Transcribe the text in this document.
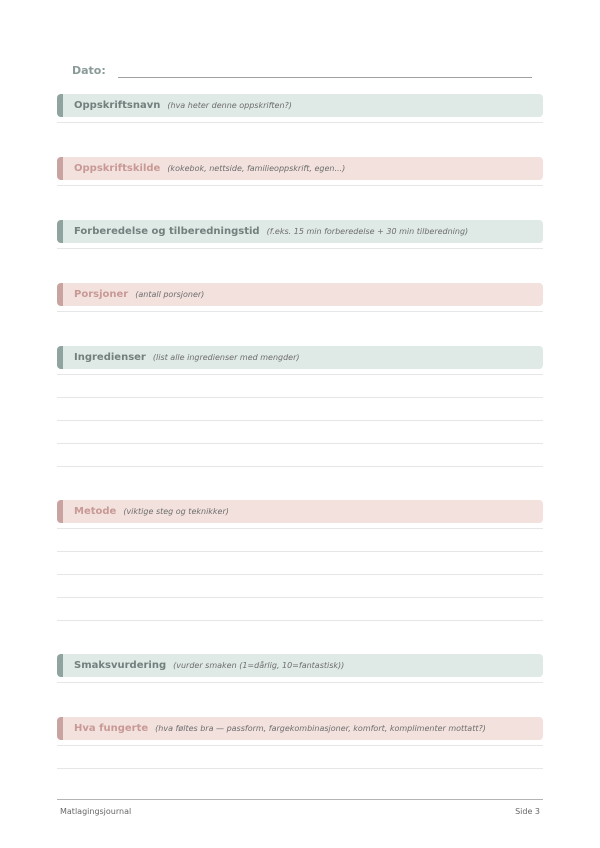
Dato:
Oppskriftsnavn (hva heter denne oppskriften?)
Oppskriftskilde (kokebok, nettside, familieoppskrift, egen...)
Forberedelse og tilberedningstid (f.eks. 15 min forberedelse + 30 min tilberedning)
Porsjoner (antall porsjoner)
Ingredienser (list alle ingredienser med mengder)
Metode (viktige steg og teknikker)
Smaksvurdering (vurder smaken (1=dårlig, 10=fantastisk))
Hva fungerte (hva føltes bra — passform, fargekombinasjoner, komfort, komplimenter mottatt?)
Matlagingsjournal	Side 3
